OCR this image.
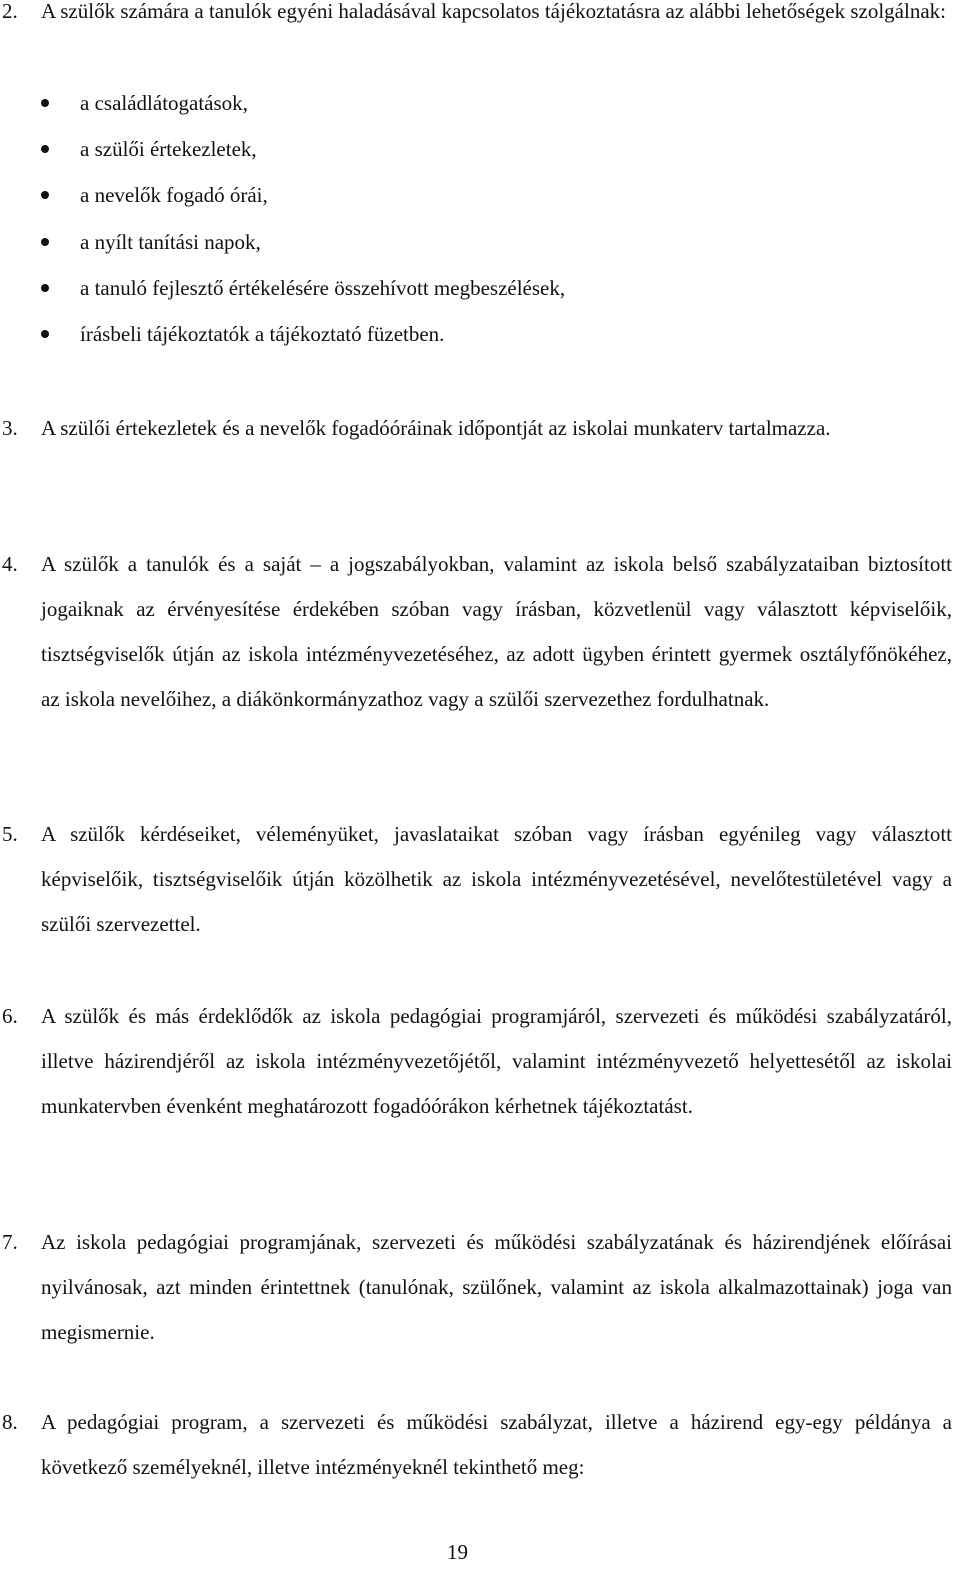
2. A szülők számára a tanulók egyéni haladásával kapcsolatos tájékoztatásra az alábbi lehetőségek szolgálnak:
a családlátogatások,
a szülői értekezletek,
a nevelők fogadó órái,
a nyílt tanítási napok,
a tanuló fejlesztő értékelésére összehívott megbeszélések,
írásbeli tájékoztatók a tájékoztató füzetben.
3. A szülői értekezletek és a nevelők fogadóóráinak időpontját az iskolai munkaterv tartalmazza.
4. A szülők a tanulók és a saját – a jogszabályokban, valamint az iskola belső szabályzataiban biztosított jogaiknak az érvényesítése érdekében szóban vagy írásban, közvetlenül vagy választott képviselőik, tisztségviselők útján az iskola intézményvezetéséhez, az adott ügyben érintett gyermek osztályfőnökéhez, az iskola nevelőihez, a diákönkormányzathoz vagy a szülői szervezethez fordulhatnak.
5. A szülők kérdéseiket, véleményüket, javaslataikat szóban vagy írásban egyénileg vagy választott képviselőik, tisztségviselőik útján közölhetik az iskola intézményvezetésével, nevelőtestületével vagy a szülői szervezettel.
6. A szülők és más érdeklődők az iskola pedagógiai programjáról, szervezeti és működési szabályzatáról, illetve házirendjéről az iskola intézményvezetőjétől, valamint intézményvezető helyettesétől az iskolai munkatervben évenként meghatározott fogadóórákon kérhetnek tájékoztatást.
7. Az iskola pedagógiai programjának, szervezeti és működési szabályzatának és házirendjének előírásai nyilvánosak, azt minden érintettnek (tanulónak, szülőnek, valamint az iskola alkalmazottainak) joga van megismernie.
8. A pedagógiai program, a szervezeti és működési szabályzat, illetve a házirend egy-egy példánya a következő személyeknél, illetve intézményeknél tekinthető meg:
19
